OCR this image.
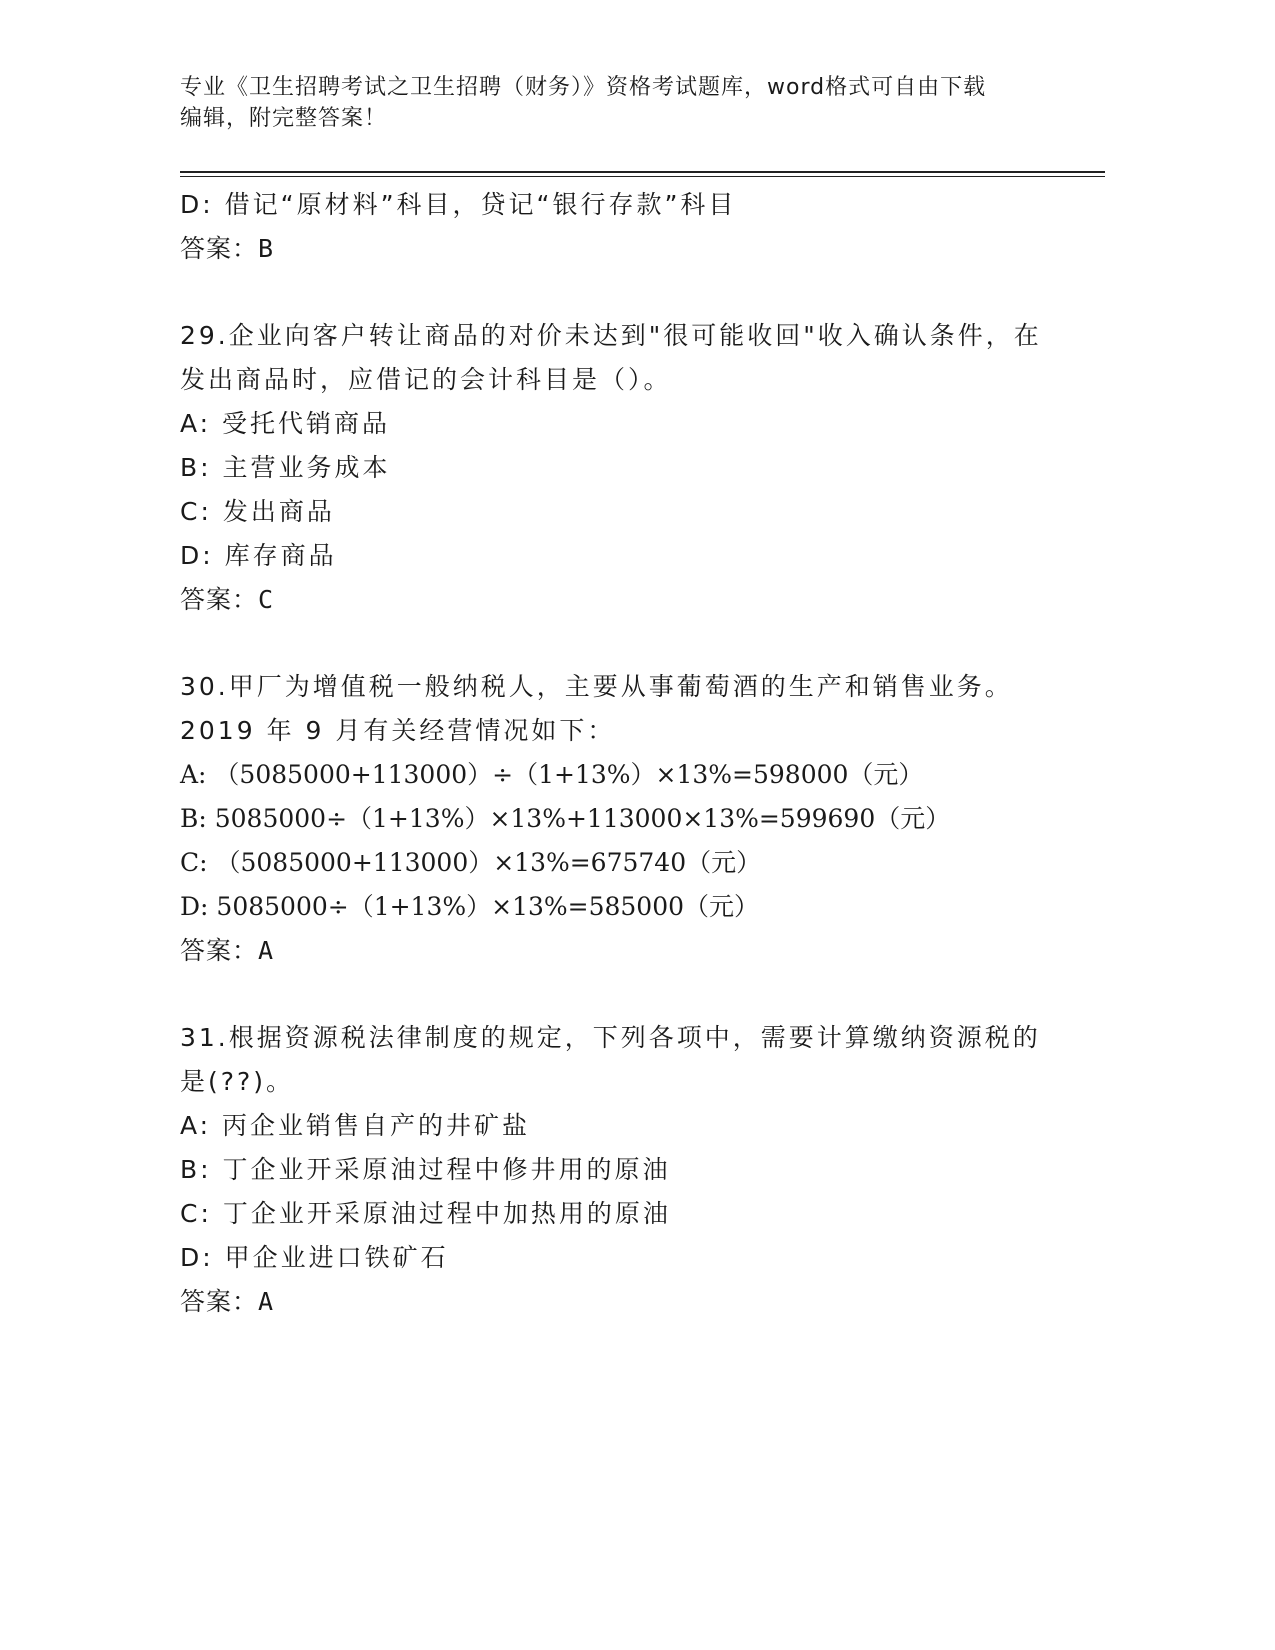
专业《卫生招聘考试之卫生招聘（财务）》资格考试题库，word格式可自由下载
编辑，附完整答案！
D: 借记“原材料”科目，贷记“银行存款”科目
答案：B
29.企业向客户转让商品的对价未达到"很可能收回"收入确认条件，在
发出商品时，应借记的会计科目是（）。
A: 受托代销商品
B: 主营业务成本
C: 发出商品
D: 库存商品
答案：C
30.甲厂为增值税一般纳税人，主要从事葡萄酒的生产和销售业务。
2019 年 9 月有关经营情况如下：
A: （5085000+113000）÷（1+13%）×13%=598000（元）
B: 5085000÷（1+13%）×13%+113000×13%=599690（元）
C: （5085000+113000）×13%=675740（元）
D: 5085000÷（1+13%）×13%=585000（元）
答案：A
31.根据资源税法律制度的规定，下列各项中，需要计算缴纳资源税的
是(??)。
A: 丙企业销售自产的井矿盐
B: 丁企业开采原油过程中修井用的原油
C: 丁企业开采原油过程中加热用的原油
D: 甲企业进口铁矿石
答案：A
